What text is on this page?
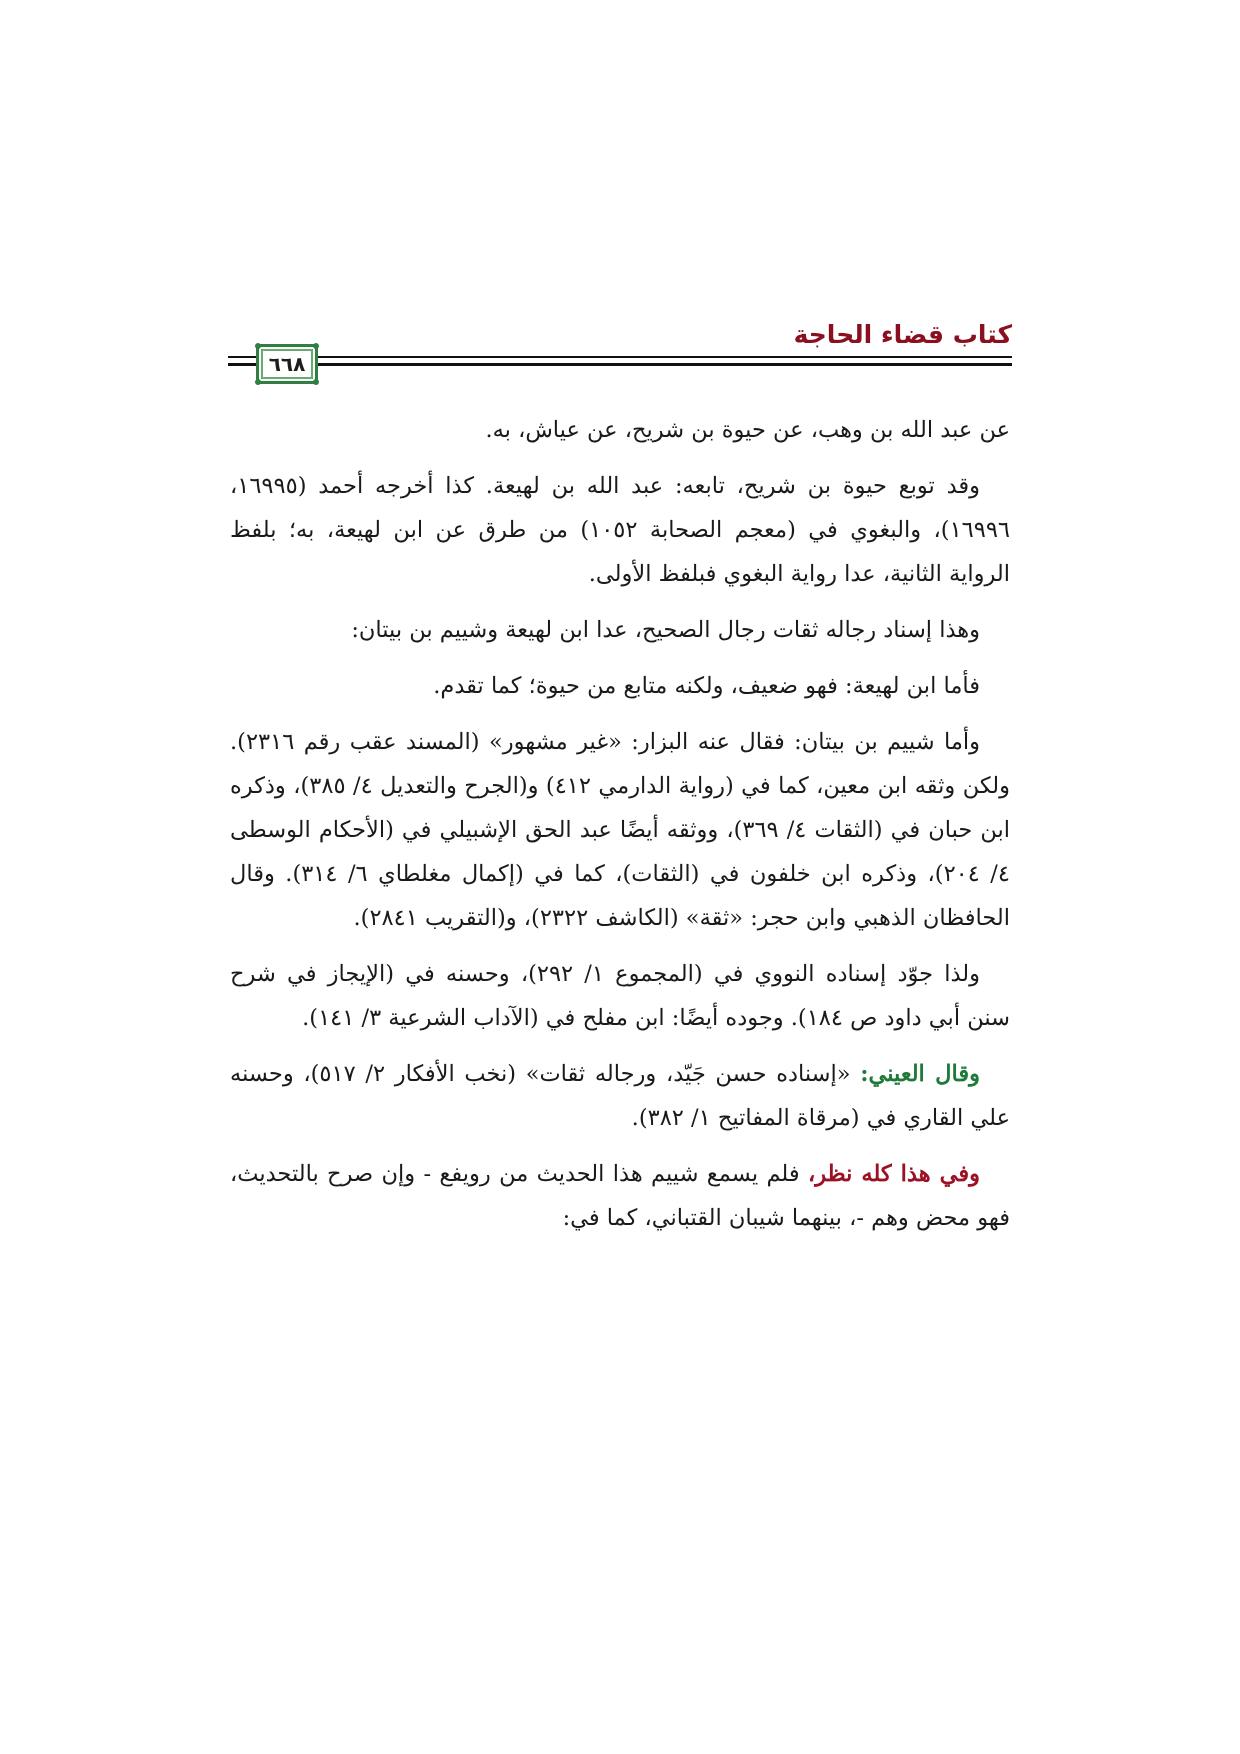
كتاب قضاء الحاجة
٦٦٨

عن عبد الله بن وهب، عن حيوة بن شريح، عن عياش، به.

وقد توبع حيوة بن شريح، تابعه: عبد الله بن لهيعة. كذا أخرجه أحمد (١٦٩٩٥، ١٦٩٩٦)، والبغوي في (معجم الصحابة ١٠٥٢) من طرق عن ابن لهيعة، به؛ بلفظ الرواية الثانية، عدا رواية البغوي فبلفظ الأولى.

وهذا إسناد رجاله ثقات رجال الصحيح، عدا ابن لهيعة وشييم بن بيتان:

فأما ابن لهيعة: فهو ضعيف، ولكنه متابع من حيوة؛ كما تقدم.

وأما شييم بن بيتان: فقال عنه البزار: «غير مشهور» (المسند عقب رقم ٢٣١٦). ولكن وثقه ابن معين، كما في (رواية الدارمي ٤١٢) و(الجرح والتعديل ٤/ ٣٨٥)، وذكره ابن حبان في (الثقات ٤/ ٣٦٩)، ووثقه أيضًا عبد الحق الإشبيلي في (الأحكام الوسطى ٤/ ٢٠٤)، وذكره ابن خلفون في (الثقات)، كما في (إكمال مغلطاي ٦/ ٣١٤). وقال الحافظان الذهبي وابن حجر: «ثقة» (الكاشف ٢٣٢٢)، و(التقريب ٢٨٤١).

ولذا جوّد إسناده النووي في (المجموع ١/ ٢٩٢)، وحسنه في (الإيجاز في شرح سنن أبي داود ص ١٨٤). وجوده أيضًا: ابن مفلح في (الآداب الشرعية ٣/ ١٤١).

وقال العيني: «إسناده حسن جَيّد، ورجاله ثقات» (نخب الأفكار ٢/ ٥١٧)، وحسنه علي القاري في (مرقاة المفاتيح ١/ ٣٨٢).

وفي هذا كله نظر، فلم يسمع شييم هذا الحديث من رويفع - وإن صرح بالتحديث، فهو محض وهم -، بينهما شيبان القتباني، كما في:
